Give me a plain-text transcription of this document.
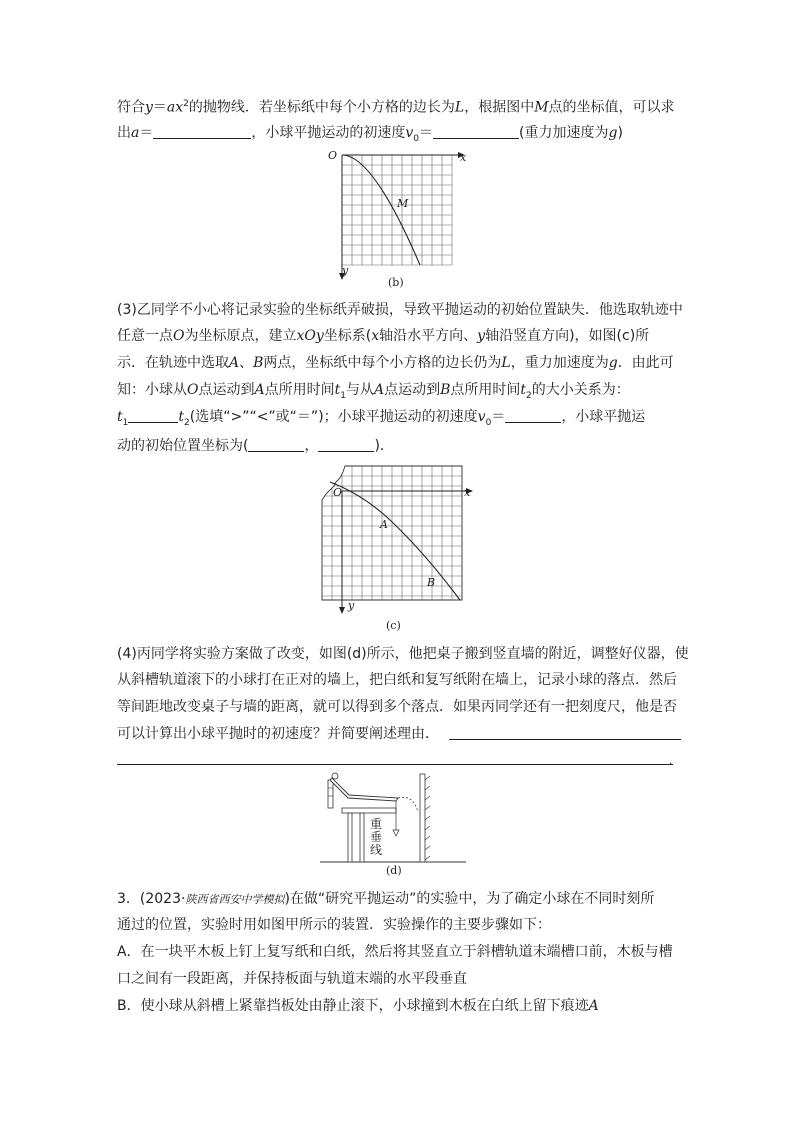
符合$y=ax^2$的抛物线．若坐标纸中每个小方格的边长为L，根据图中M点的坐标值，可以求
出a＝	，小球平抛运动的初速度$v_0=$	(重力加速度为g)
O	x
y
M
(b)
(3)乙同学不小心将记录实验的坐标纸弄破损，导致平抛运动的初始位置缺失．他选取轨迹中
任意一点O为坐标原点，建立xOy坐标系(x轴沿水平方向、y轴沿竖直方向)，如图(c)所
示．在轨迹中选取A、B两点，坐标纸中每个小方格的边长仍为L，重力加速度为g．由此可
知：小球从O点运动到A点所用时间$t_1$与从A点运动到B点所用时间$t_2$的大小关系为：
$t_1$	$t_2$(选填“>”“<”或“＝”)；小球平抛运动的初速度$v_0=$	，小球平抛运
动的初始位置坐标为(	，	)．
O	x
y
A
B
(c)
(4)丙同学将实验方案做了改变，如图(d)所示，他把桌子搬到竖直墙的附近，调整好仪器，使
从斜槽轨道滚下的小球打在正对的墙上，把白纸和复写纸附在墙上，记录小球的落点．然后
等间距地改变桌子与墙的距离，就可以得到多个落点．如果丙同学还有一把刻度尺，他是否
可以计算出小球平抛时的初速度？并简要阐述理由．
.
重
垂
线
(d)
3．(2023·陕西省西安中学模拟)在做“研究平抛运动”的实验中，为了确定小球在不同时刻所
通过的位置，实验时用如图甲所示的装置．实验操作的主要步骤如下：
A．在一块平木板上钉上复写纸和白纸，然后将其竖直立于斜槽轨道末端槽口前，木板与槽
口之间有一段距离，并保持板面与轨道末端的水平段垂直
B．使小球从斜槽上紧靠挡板处由静止滚下，小球撞到木板在白纸上留下痕迹A
